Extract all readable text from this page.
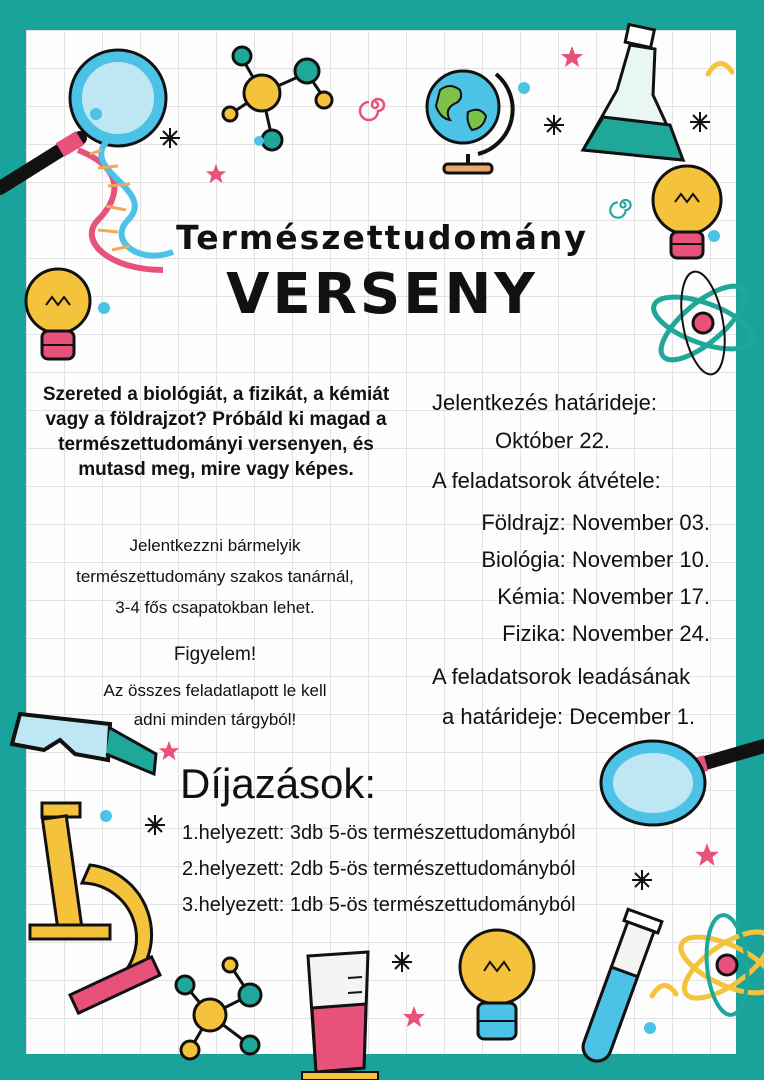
Természettudomány
VERSENY
Szereted a biológiát, a fizikát, a kémiát vagy a földrajzot? Próbáld ki magad a természettudományi versenyen, és mutasd meg, mire vagy képes.
Jelentkezzni bármelyik
természettudomány szakos tanárnál,
3-4 fős csapatokban lehet.
Figyelem!
Az összes feladatlapott le kell
adni minden tárgyból!
Jelentkezés határideje:
Október 22.
A feladatsorok átvétele:
Földrajz: November 03.
Biológia: November 10.
Kémia: November 17.
Fizika: November 24.
A feladatsorok leadásának
a határideje: December 1.
Díjazások:
1.helyezett: 3db 5-ös természettudományból
2.helyezett: 2db 5-ös természettudományból
3.helyezett: 1db 5-ös természettudományból
